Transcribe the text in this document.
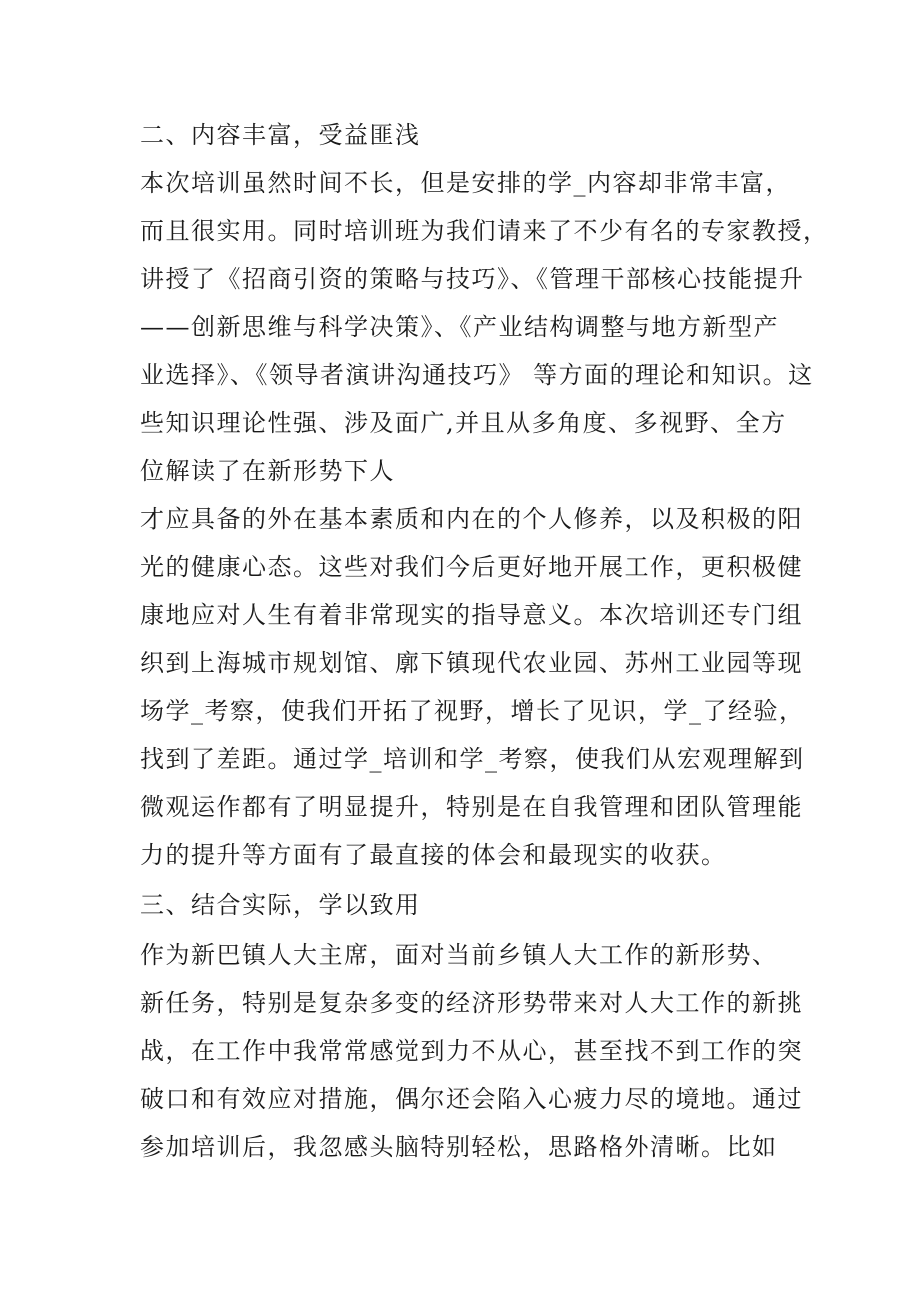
二、内容丰富，受益匪浅
本次培训虽然时间不长，但是安排的学_内容却非常丰富，
而且很实用。同时培训班为我们请来了不少有名的专家教授，
讲授了《招商引资的策略与技巧》、《管理干部核心技能提升
——创新思维与科学决策》、《产业结构调整与地方新型产
业选择》、《领导者演讲沟通技巧》 等方面的理论和知识。这
些知识理论性强、涉及面广,并且从多角度、多视野、全方
位解读了在新形势下人
才应具备的外在基本素质和内在的个人修养，以及积极的阳
光的健康心态。这些对我们今后更好地开展工作，更积极健
康地应对人生有着非常现实的指导意义。本次培训还专门组
织到上海城市规划馆、廓下镇现代农业园、苏州工业园等现
场学_考察，使我们开拓了视野，增长了见识，学_了经验，
找到了差距。通过学_培训和学_考察，使我们从宏观理解到
微观运作都有了明显提升，特别是在自我管理和团队管理能
力的提升等方面有了最直接的体会和最现实的收获。
三、结合实际，学以致用
作为新巴镇人大主席，面对当前乡镇人大工作的新形势、
新任务，特别是复杂多变的经济形势带来对人大工作的新挑
战，在工作中我常常感觉到力不从心，甚至找不到工作的突
破口和有效应对措施，偶尔还会陷入心疲力尽的境地。通过
参加培训后，我忽感头脑特别轻松，思路格外清晰。比如
